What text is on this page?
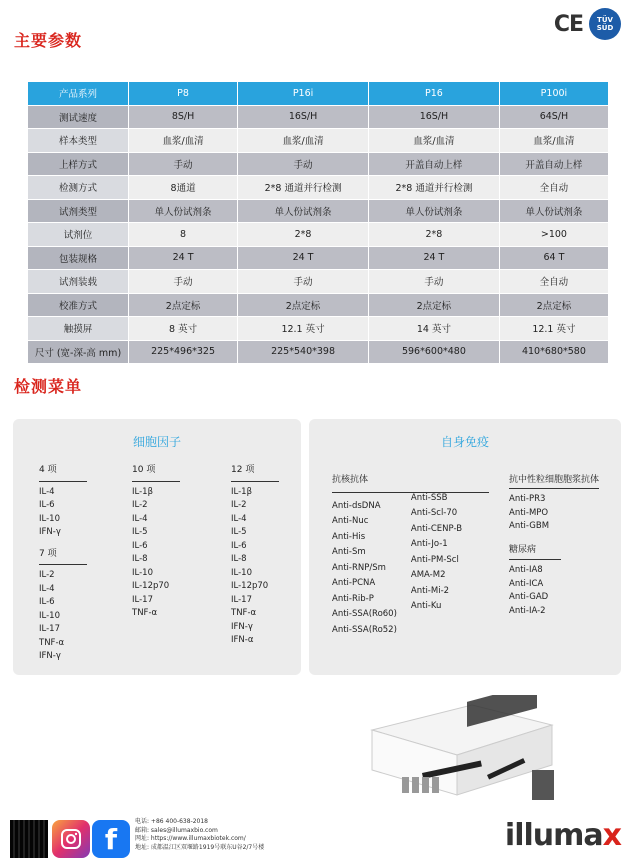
主要参数
CE TÜV
SÜD
产品系列	P8	P16i	P16	P100i
测试速度	8S/H	16S/H	16S/H	64S/H
样本类型	血浆/血清	血浆/血清	血浆/血清	血浆/血清
上样方式	手动	手动	开盖自动上样	开盖自动上样
检测方式	8通道	2*8 通道并行检测	2*8 通道并行检测	全自动
试剂类型	单人份试剂条	单人份试剂条	单人份试剂条	单人份试剂条
试剂位	8	2*8	2*8	>100
包装规格	24 T	24 T	24 T	64 T
试剂装载	手动	手动	手动	全自动
校准方式	2点定标	2点定标	2点定标	2点定标
触摸屏	8 英寸	12.1 英寸	14 英寸	12.1 英寸
尺寸 (宽-深-高 mm)	225*496*325	225*540*398	596*600*480	410*680*580
检测菜单
细胞因子
4 项
IL-4
IL-6
IL-10
IFN-γ
7 项
IL-2
IL-4
IL-6
IL-10
IL-17
TNF-α
IFN-γ
10 项
IL-1β
IL-2
IL-4
IL-5
IL-6
IL-8
IL-10
IL-12p70
IL-17
TNF-α
12 项
IL-1β
IL-2
IL-4
IL-5
IL-6
IL-8
IL-10
IL-12p70
IL-17
TNF-α
IFN-γ
IFN-α
自身免疫
抗核抗体
Anti-dsDNA
Anti-Nuc
Anti-His
Anti-Sm
Anti-RNP/Sm
Anti-PCNA
Anti-Rib-P
Anti-SSA(Ro60)
Anti-SSA(Ro52)
Anti-SSB
Anti-Scl-70
Anti-CENP-B
Anti-Jo-1
Anti-PM-Scl
AMA-M2
Anti-Mi-2
Anti-Ku
抗中性粒细胞胞浆抗体
Anti-PR3
Anti-MPO
Anti-GBM
糖尿病
Anti-IA8
Anti-ICA
Anti-GAD
Anti-IA-2
f
电话: +86 400-638-2018
邮箱: sales@illumaxbio.com
网址: https://www.illumaxbiotek.com/
地址: 成都温江区双堰路1919号联东U谷2/7号楼	illumax
